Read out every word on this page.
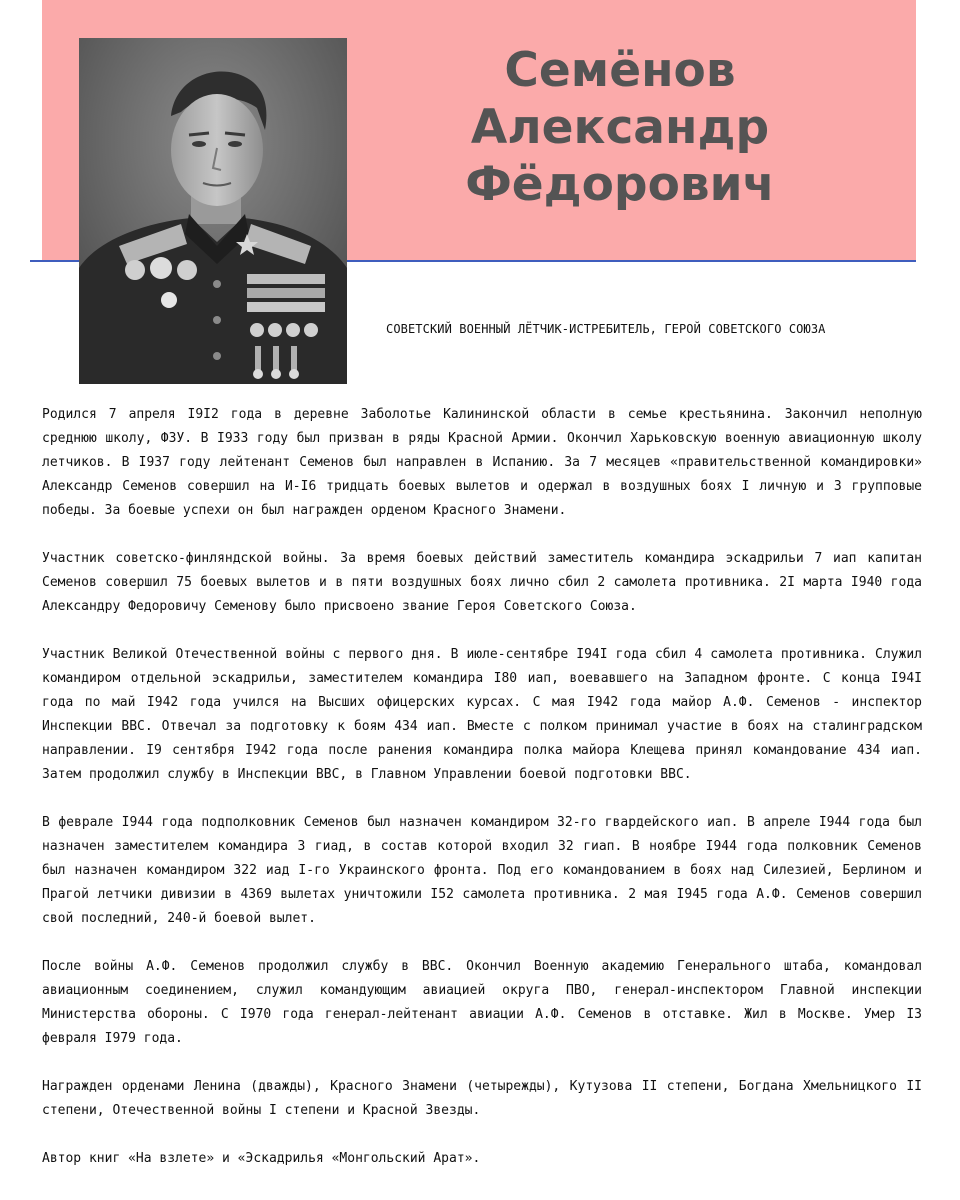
Семёнов
Александр
Фёдорович
СОВЕТСКИЙ ВОЕННЫЙ ЛЁТЧИК-ИСТРЕБИТЕЛЬ, ГЕРОЙ СОВЕТСКОГО СОЮЗА

Родился 7 апреля I9I2 года в деревне Заболотье Калининской области в семье крестьянина. Закончил неполную среднюю школу, ФЗУ. В I933 году был призван в ряды Красной Армии. Окончил Харьковскую военную авиационную школу летчиков. В I937 году лейтенант Семенов был направлен в Испанию. За 7 месяцев «правительственной командировки» Александр Семенов совершил на И-I6 тридцать боевых вылетов и одержал в воздушных боях I личную и 3 групповые победы. За боевые успехи он был награжден орденом Красного Знамени.

Участник советско-финляндской войны. За время боевых действий заместитель командира эскадрильи 7 иап капитан Семенов совершил 75 боевых вылетов и в пяти воздушных боях лично сбил 2 самолета противника. 2I марта I940 года Александру Федоровичу Семенову было присвоено звание Героя Советского Союза.

Участник Великой Отечественной войны с первого дня. В июле-сентябре I94I года сбил 4 самолета противника. Служил командиром отдельной эскадрильи, заместителем командира I80 иап, воевавшего на Западном фронте. С конца I94I года по май I942 года учился на Высших офицерских курсах. С мая I942 года майор А.Ф. Семенов - инспектор Инспекции ВВС. Отвечал за подготовку к боям 434 иап. Вместе с полком принимал участие в боях на сталинградском направлении. I9 сентября I942 года после ранения командира полка майора Клещева принял командование 434 иап. Затем продолжил службу в Инспекции ВВС, в Главном Управлении боевой подготовки ВВС.

В феврале I944 года подполковник Семенов был назначен командиром 32-го гвардейского иап. В апреле I944 года был назначен заместителем командира 3 гиад, в состав которой входил 32 гиап. В ноябре I944 года полковник Семенов был назначен командиром 322 иад I-го Украинского фронта. Под его командованием в боях над Силезией, Берлином и Прагой летчики дивизии в 4369 вылетах уничтожили I52 самолета противника. 2 мая I945 года А.Ф. Семенов совершил свой последний, 240-й боевой вылет.

После войны А.Ф. Семенов продолжил службу в ВВС. Окончил Военную академию Генерального штаба, командовал авиационным соединением, служил командующим авиацией округа ПВО, генерал-инспектором Главной инспекции Министерства обороны. С I970 года генерал-лейтенант авиации А.Ф. Семенов в отставке. Жил в Москве. Умер I3 февраля I979 года.

Награжден орденами Ленина (дважды), Красного Знамени (четырежды), Кутузова II степени, Богдана Хмельницкого II степени, Отечественной войны I степени и Красной Звезды.

Автор книг «На взлете» и «Эскадрилья «Монгольский Арат».
